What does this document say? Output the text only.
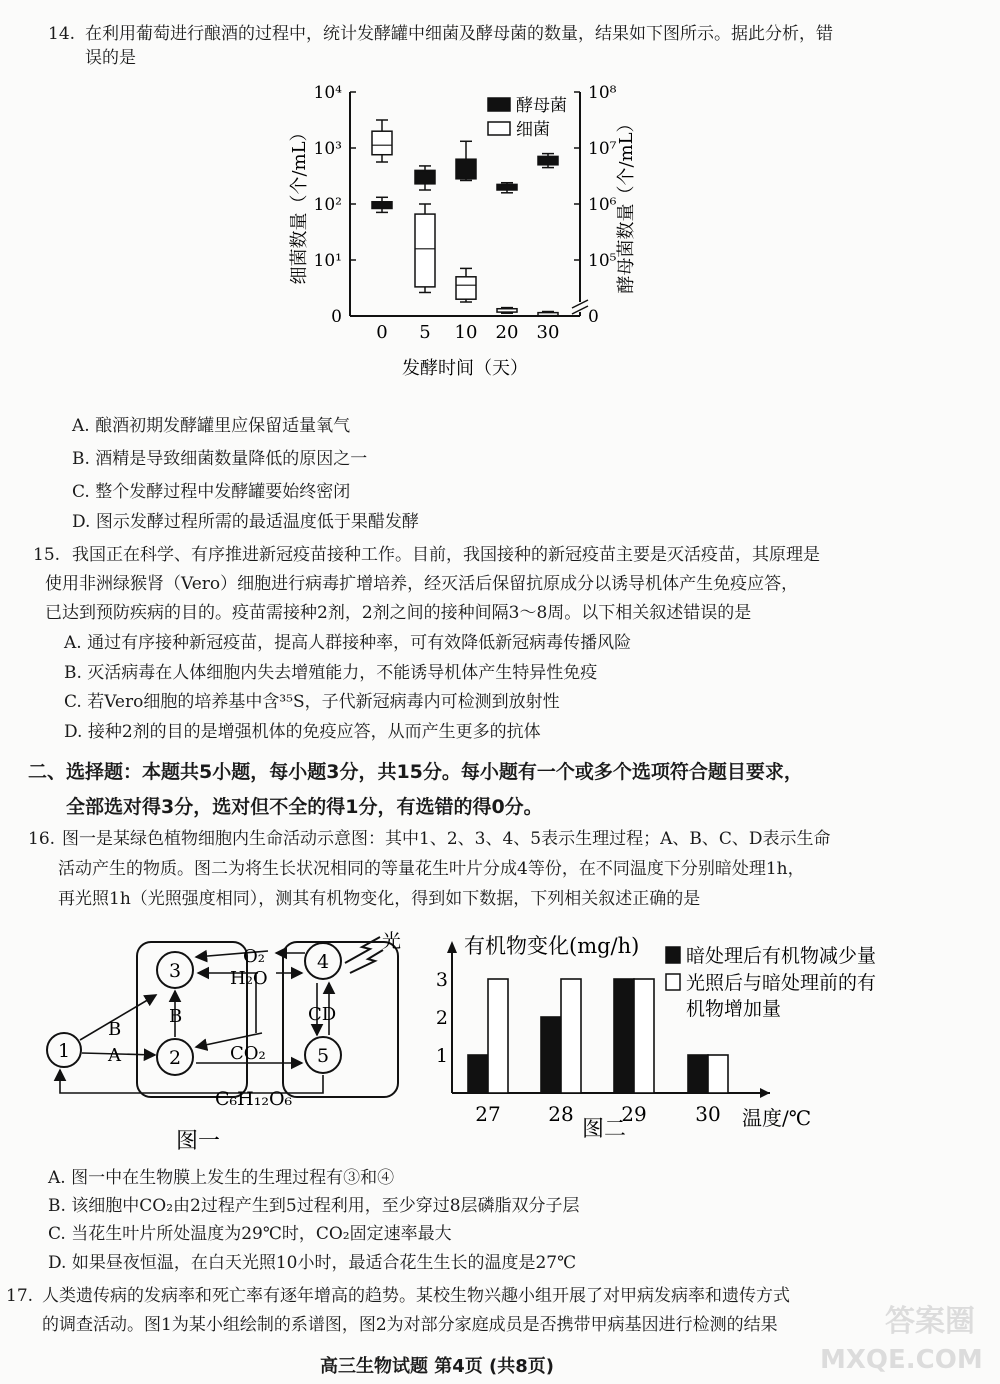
14. 在利用葡萄进行酿酒的过程中，统计发酵罐中细菌及酵母菌的数量，结果如下图所示。据此分析，错
误的是
0
10¹
10²
10³
10⁴
0
10⁵
10⁶
10⁷
10⁸
0 5 10 20 30
发酵时间（天）
细菌数量（个/mL）	酵母菌数量（个/mL）
酵母菌
细菌
A. 酿酒初期发酵罐里应保留适量氧气
B. 酒精是导致细菌数量降低的原因之一
C. 整个发酵过程中发酵罐要始终密闭
D. 图示发酵过程所需的最适温度低于果醋发酵
15. 我国正在科学、有序推进新冠疫苗接种工作。目前，我国接种的新冠疫苗主要是灭活疫苗，其原理是
使用非洲绿猴肾（Vero）细胞进行病毒扩增培养，经灭活后保留抗原成分以诱导机体产生免疫应答，
已达到预防疾病的目的。疫苗需接种2剂，2剂之间的接种间隔3～8周。以下相关叙述错误的是
A. 通过有序接种新冠疫苗，提高人群接种率，可有效降低新冠病毒传播风险
B. 灭活病毒在人体细胞内失去增殖能力，不能诱导机体产生特异性免疫
C. 若Vero细胞的培养基中含³⁵S，子代新冠病毒内可检测到放射性
D. 接种2剂的目的是增强机体的免疫应答，从而产生更多的抗体
二、选择题：本题共5小题，每小题3分，共15分。每小题有一个或多个选项符合题目要求，
全部选对得3分，选对但不全的得1分，有选错的得0分。
16. 图一是某绿色植物细胞内生命活动示意图：其中1、2、3、4、5表示生理过程；A、B、C、D表示生命
活动产生的物质。图二为将生长状况相同的等量花生叶片分成4等份，在不同温度下分别暗处理1h，
再光照1h（光照强度相同），测其有机物变化，得到如下数据，下列相关叙述正确的是
1	2
3	4
5
B
A
B
O₂
H₂O
CO₂
CD
C₆H₁₂O₆
光
图一
有机物变化(mg/h)
1
2
3
27 28 29 30 温度/℃
暗处理后有机物减少量
光照后与暗处理前的有
机物增加量
图二
A. 图一中在生物膜上发生的生理过程有③和④
B. 该细胞中CO₂由2过程产生到5过程利用，至少穿过8层磷脂双分子层
C. 当花生叶片所处温度为29℃时，CO₂固定速率最大
D. 如果昼夜恒温，在白天光照10小时，最适合花生生长的温度是27℃
17. 人类遗传病的发病率和死亡率有逐年增高的趋势。某校生物兴趣小组开展了对甲病发病率和遗传方式
的调查活动。图1为某小组绘制的系谱图，图2为对部分家庭成员是否携带甲病基因进行检测的结果	答案圈
MXQE.COM
高三生物试题 第4页 (共8页)
